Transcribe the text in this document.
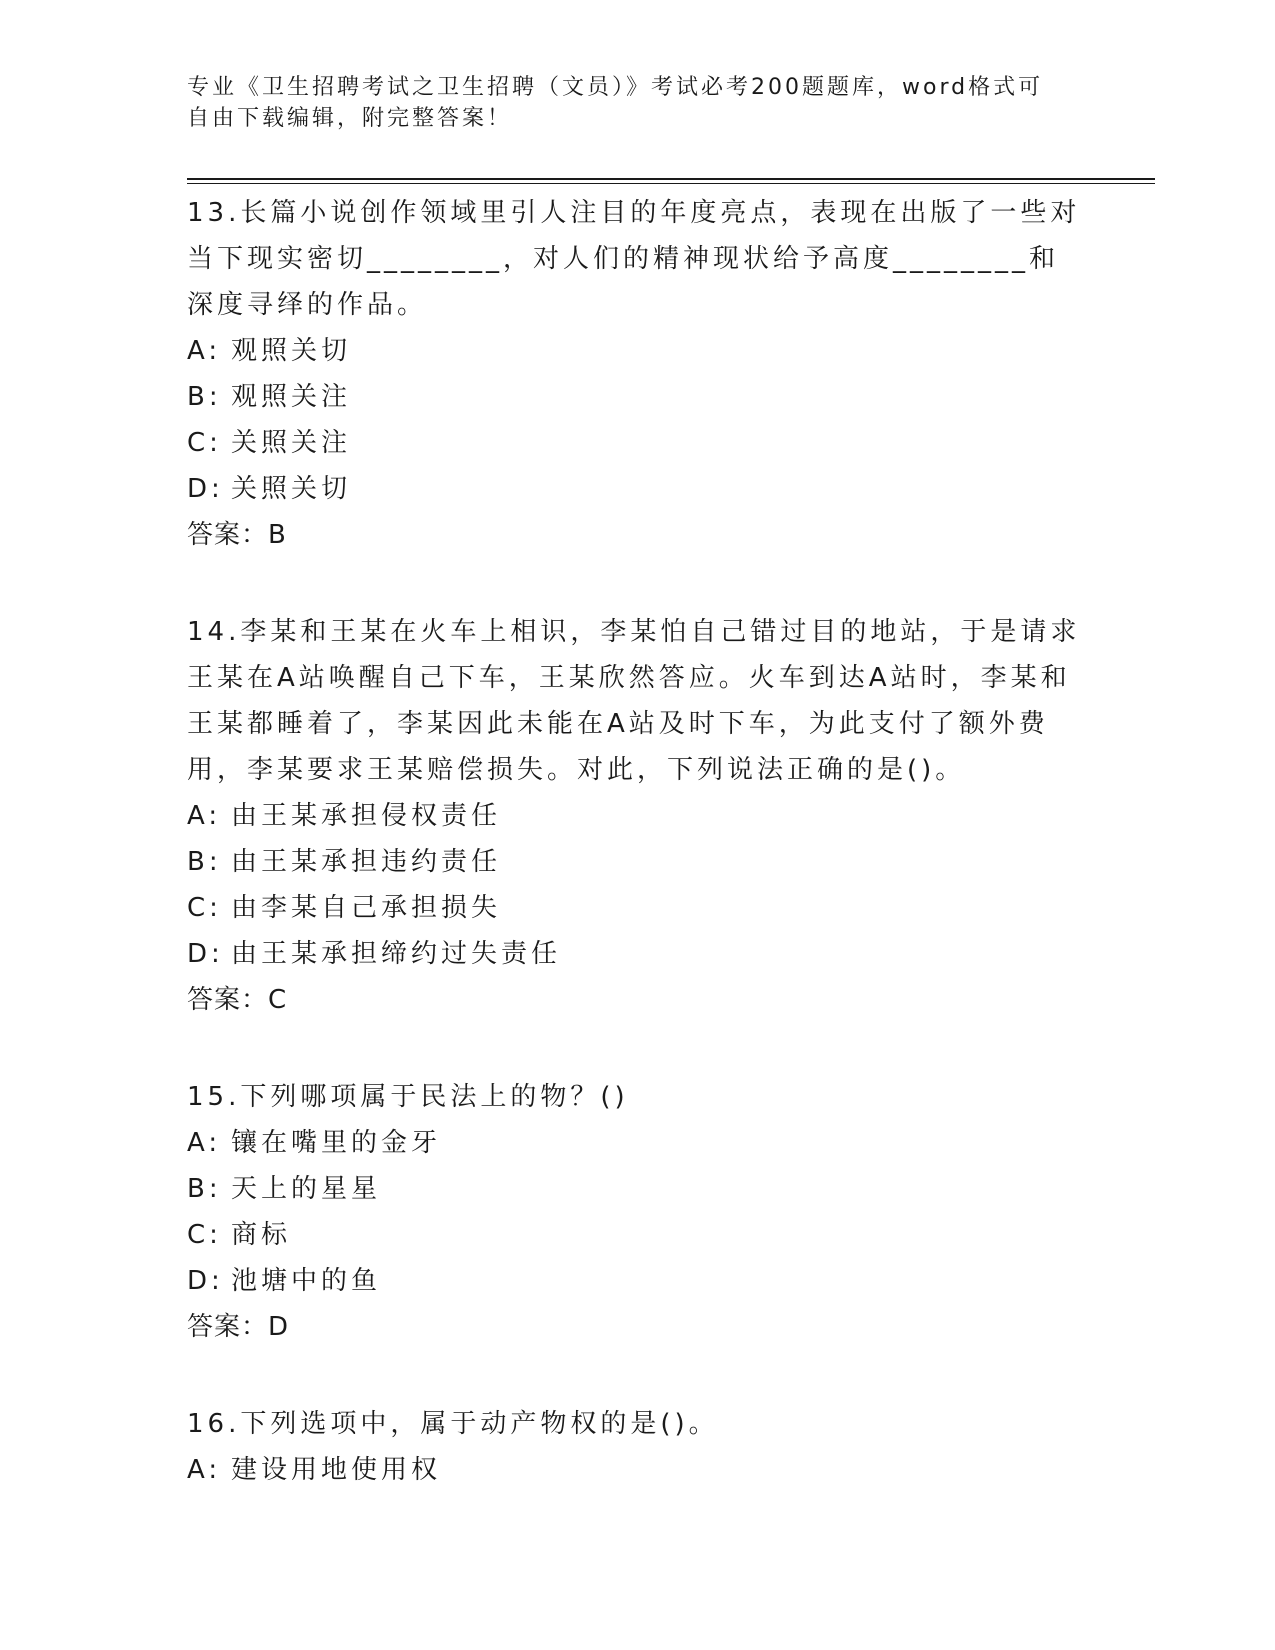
专业《卫生招聘考试之卫生招聘（文员）》考试必考200题题库，word格式可自由下载编辑，附完整答案！
13.长篇小说创作领域里引人注目的年度亮点，表现在出版了一些对当下现实密切________，对人们的精神现状给予高度________和深度寻绎的作品。
A: 观照关切
B: 观照关注
C: 关照关注
D: 关照关切
答案：B
14.李某和王某在火车上相识，李某怕自己错过目的地站，于是请求王某在A站唤醒自己下车，王某欣然答应。火车到达A站时，李某和王某都睡着了，李某因此未能在A站及时下车，为此支付了额外费用，李某要求王某赔偿损失。对此，下列说法正确的是()。
A: 由王某承担侵权责任
B: 由王某承担违约责任
C: 由李某自己承担损失
D: 由王某承担缔约过失责任
答案：C
15.下列哪项属于民法上的物？()
A: 镶在嘴里的金牙
B: 天上的星星
C: 商标
D: 池塘中的鱼
答案：D
16.下列选项中，属于动产物权的是()。
A: 建设用地使用权
